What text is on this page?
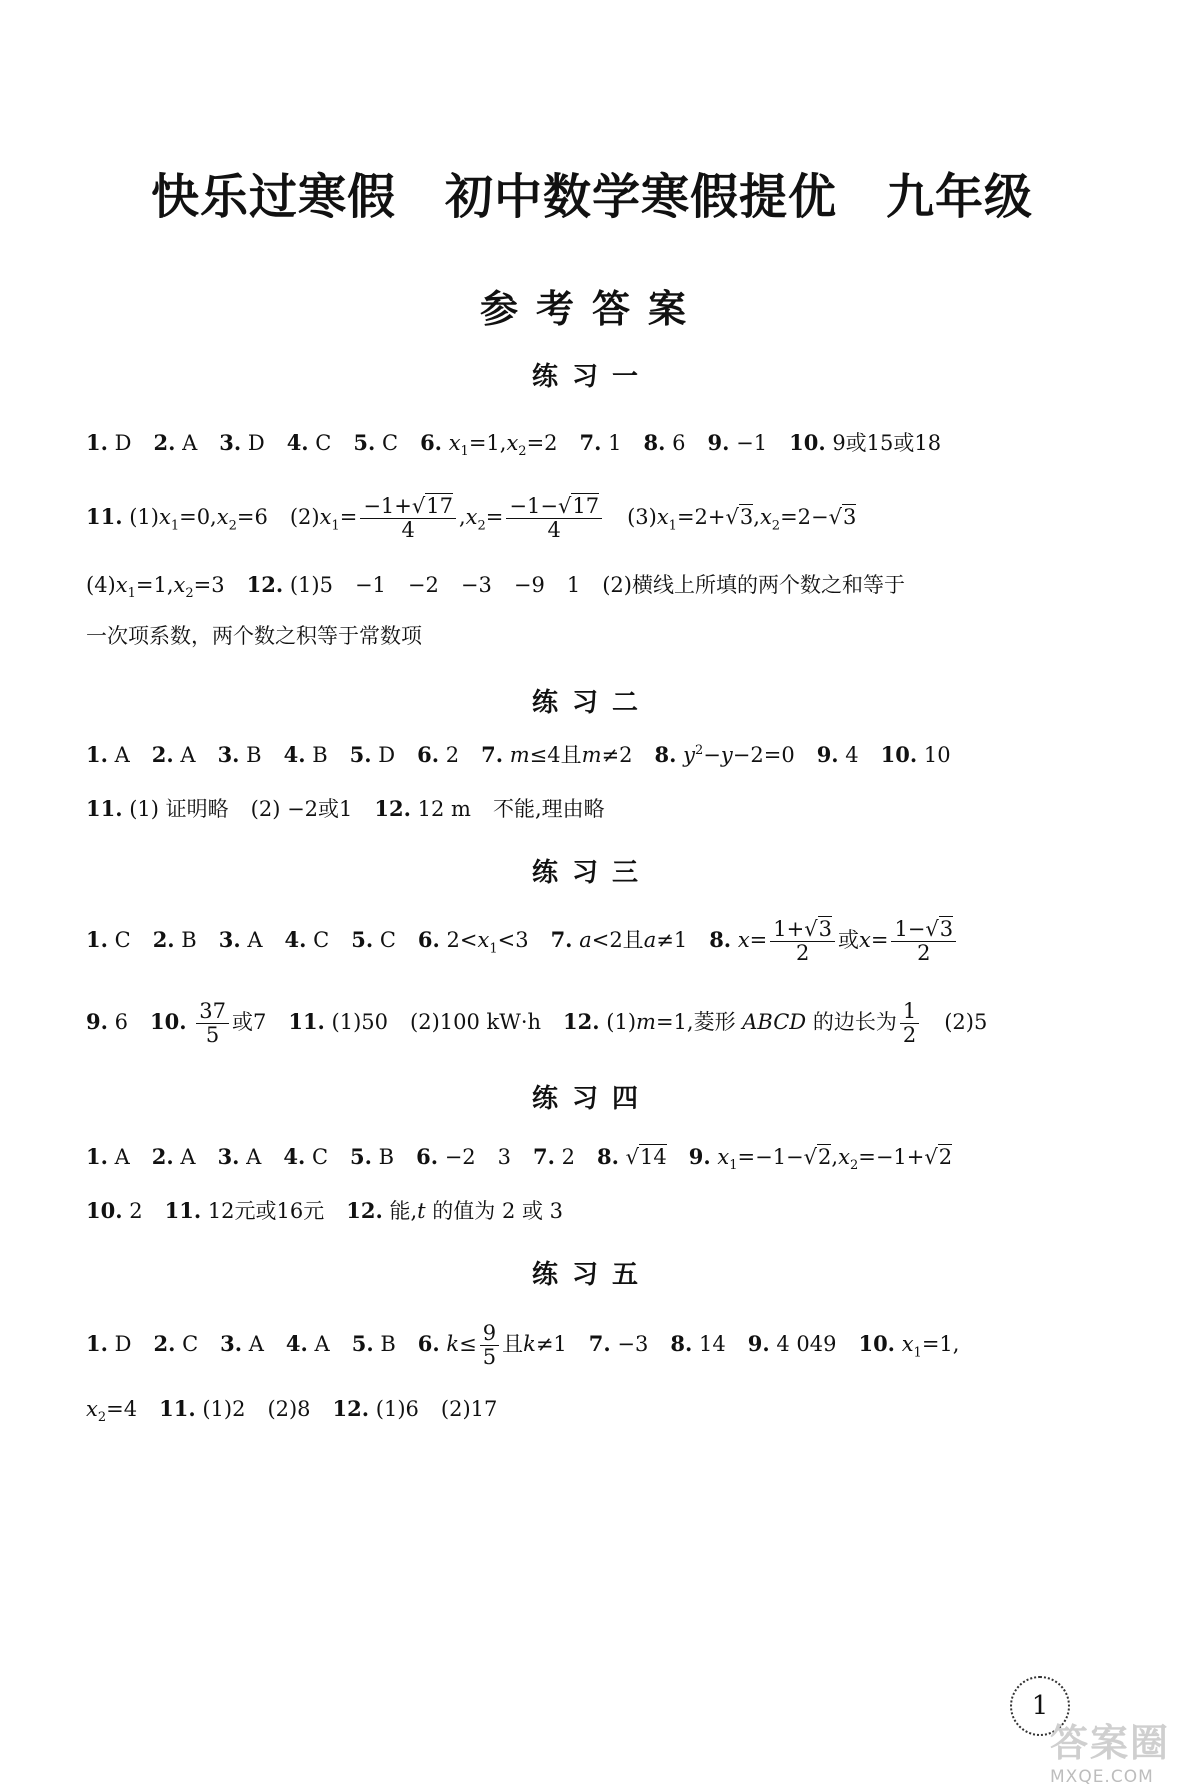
快乐过寒假　初中数学寒假提优　九年级
参考答案
练习一
1. D 2. A 3. D 4. C 5. C 6. $x_1=1,x_2=2$ 7. 1 8. 6 9. −1 10. 9或15或18
11. $(1)x_1=0,x_2=6$ $(2)x_1= \frac{-1+√17}{4} ,x_2= \frac{-1-√17}{4} (3)x_1=2+√3,x_2=2-√3$
$(4)x_1=1,x_2=3$ 12. (1)5 −1 −2 −3 −9 1 (2)横线上所填的两个数之和等于
一次项系数，两个数之积等于常数项
练习二
1. A 2. A 3. B 4. B 5. D 6. 2 7. m≤4且m≠2 8. $y^2-y-2=0$ 9. 4 10. 10
11. (1) 证明略 (2) −2或1 12. 12 m 不能,理由略
练习三
1. C 2. B 3. A 4. C 5. C 6. $2<x_1<3$ 7. a<2且a≠1 8. $x= \frac{1+√3}{2}$ 或$x= \frac{1-√3}{2}$
9. 6 10. $\frac{37}{5}$ 或7 11. (1)50 (2)100 kW·h 12. (1)m=1,菱形 ABCD 的边长为 $\frac{1}{2} (2)5$
练习四
1. A 2. A 3. A 4. C 5. B 6. −2 3 7. 2 8. √14 9. $x_1=-1-√2,x_2=-1+√2$
10. 2 11. 12元或16元 12. 能,t 的值为 2 或 3
练习五
1. D 2. C 3. A 4. A 5. B 6. $k\le \frac{9}{5}$ 且k≠1 7. −3 8. 14 9. 4 049 10. $x_1=1$,
$x_2=4$ 11. (1)2 (2)8 12. (1)6 (2)17
1
答案圈
MXQE.COM
